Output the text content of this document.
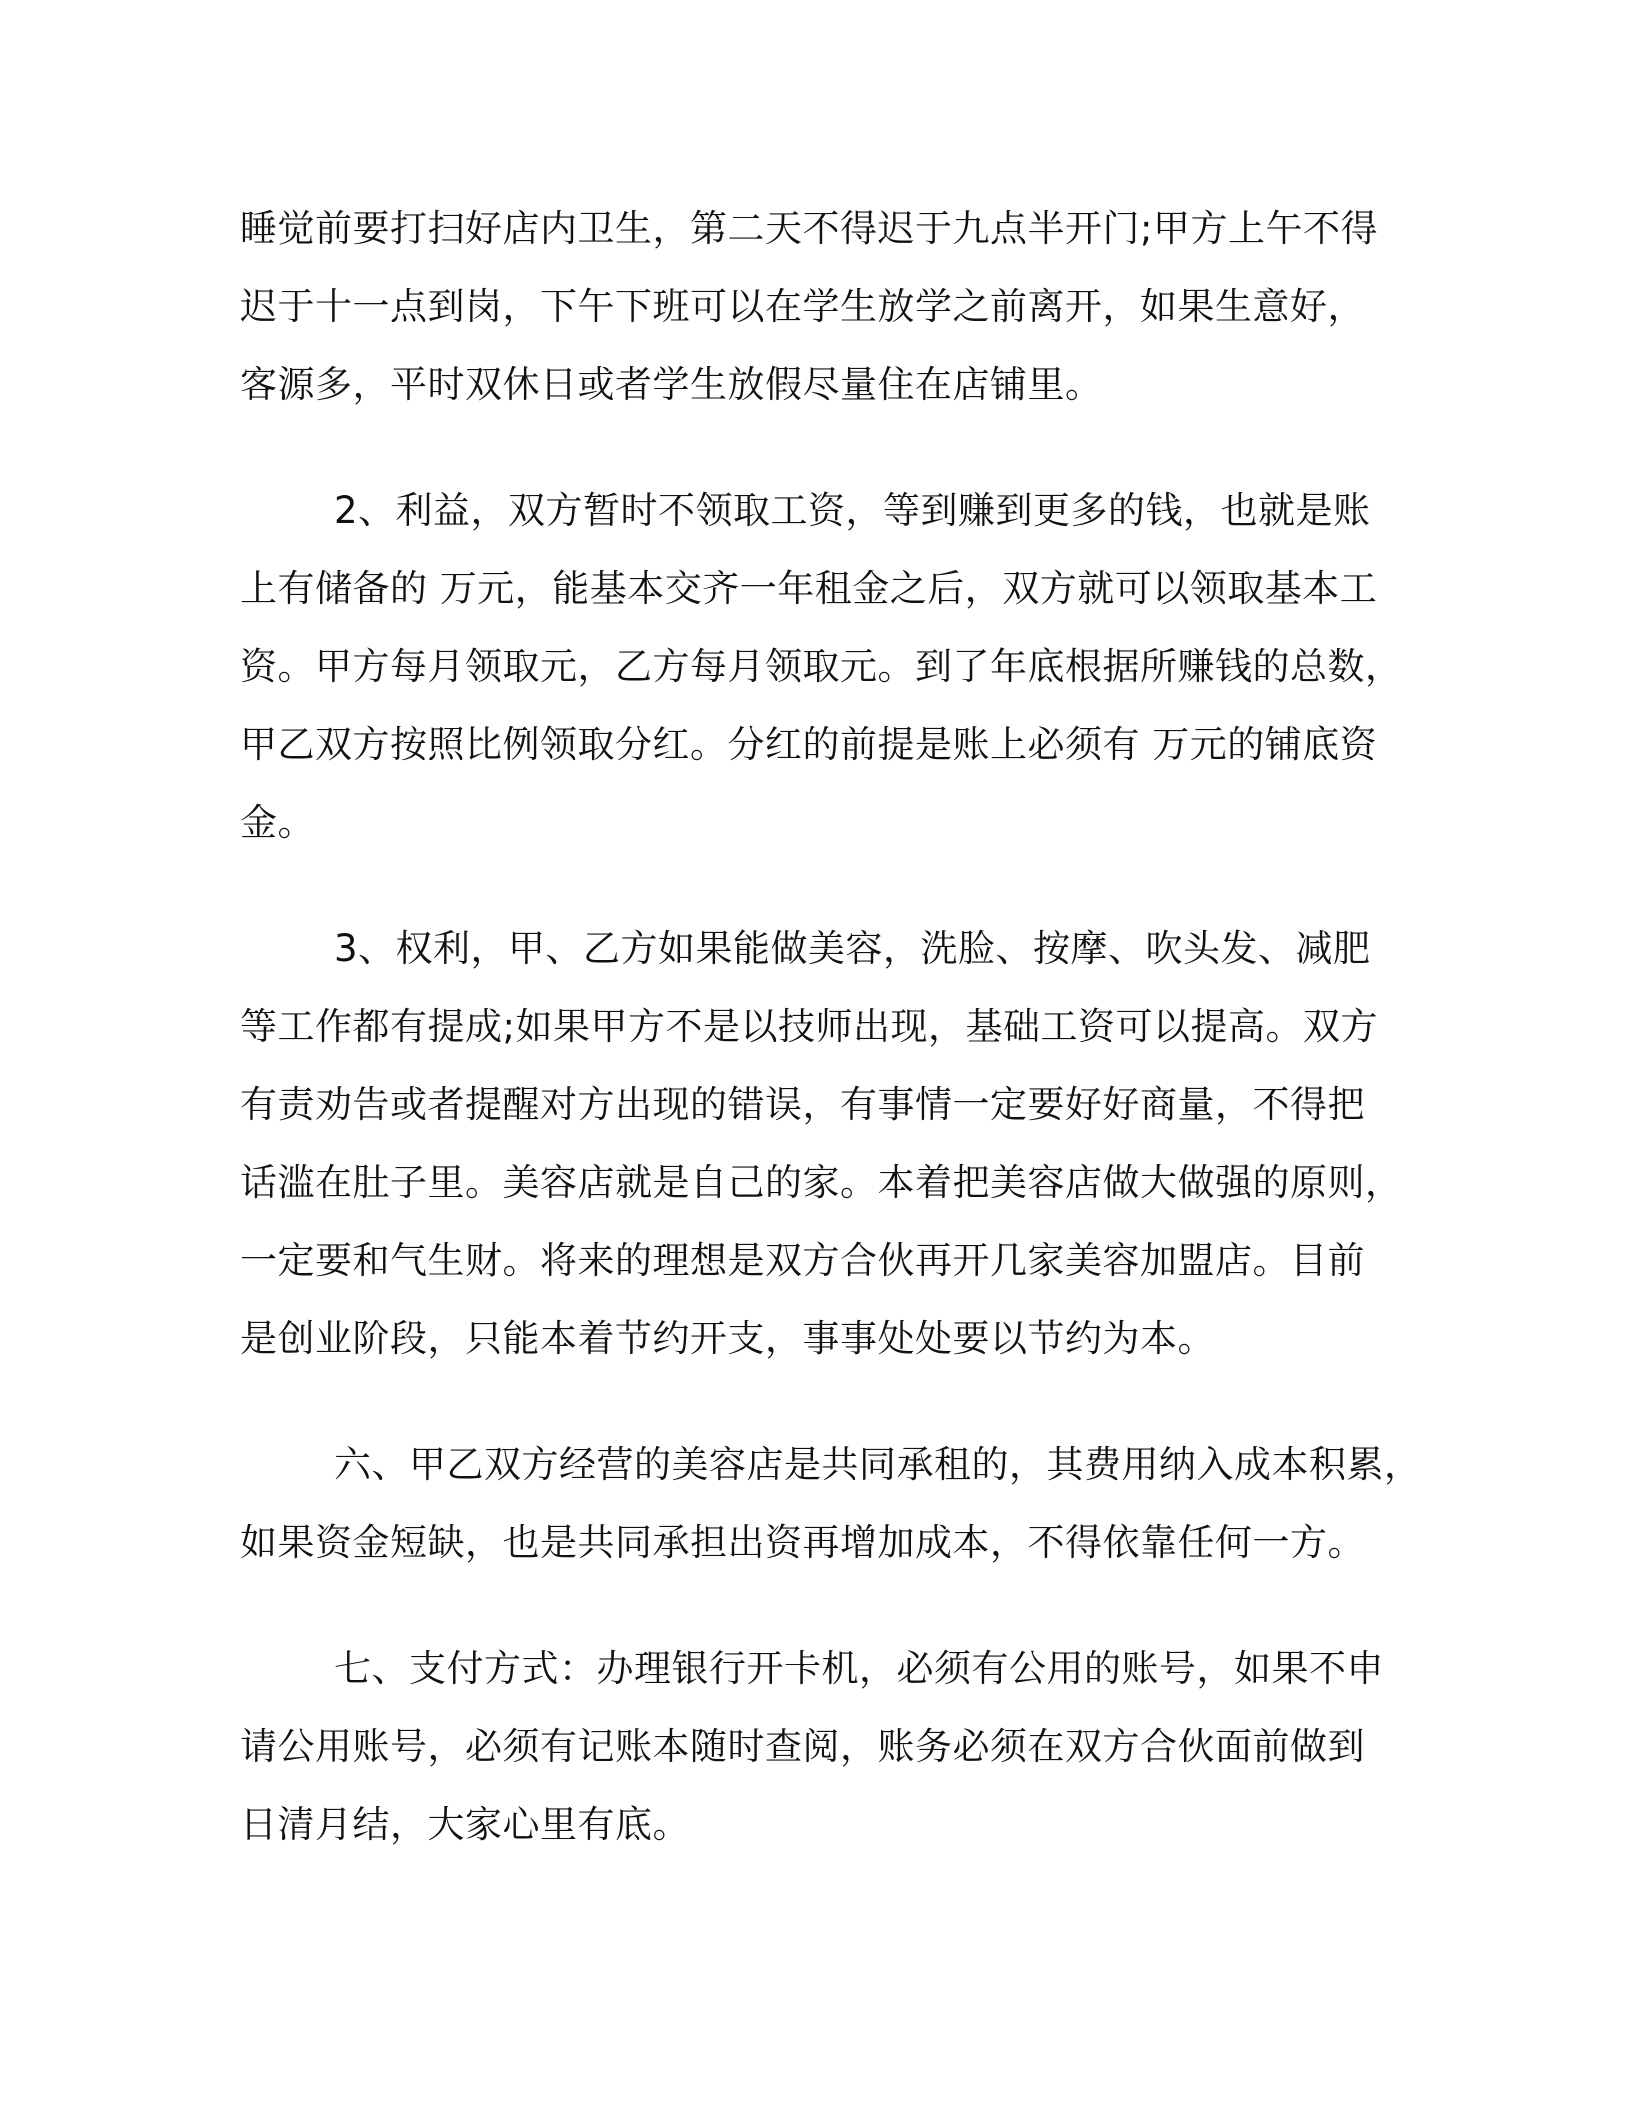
睡觉前要打扫好店内卫生，第二天不得迟于九点半开门;甲方上午不得
迟于十一点到岗，下午下班可以在学生放学之前离开，如果生意好，
客源多，平时双休日或者学生放假尽量住在店铺里。
2、利益，双方暂时不领取工资，等到赚到更多的钱，也就是账
上有储备的 万元，能基本交齐一年租金之后，双方就可以领取基本工
资。甲方每月领取元，乙方每月领取元。到了年底根据所赚钱的总数，
甲乙双方按照比例领取分红。分红的前提是账上必须有 万元的铺底资
金。
3、权利，甲、乙方如果能做美容，洗脸、按摩、吹头发、减肥
等工作都有提成;如果甲方不是以技师出现，基础工资可以提高。双方
有责劝告或者提醒对方出现的错误，有事情一定要好好商量，不得把
话滥在肚子里。美容店就是自己的家。本着把美容店做大做强的原则，
一定要和气生财。将来的理想是双方合伙再开几家美容加盟店。目前
是创业阶段，只能本着节约开支，事事处处要以节约为本。
六、甲乙双方经营的美容店是共同承租的，其费用纳入成本积累，
如果资金短缺，也是共同承担出资再增加成本，不得依靠任何一方。
七、支付方式：办理银行开卡机，必须有公用的账号，如果不申
请公用账号，必须有记账本随时查阅，账务必须在双方合伙面前做到
日清月结，大家心里有底。
